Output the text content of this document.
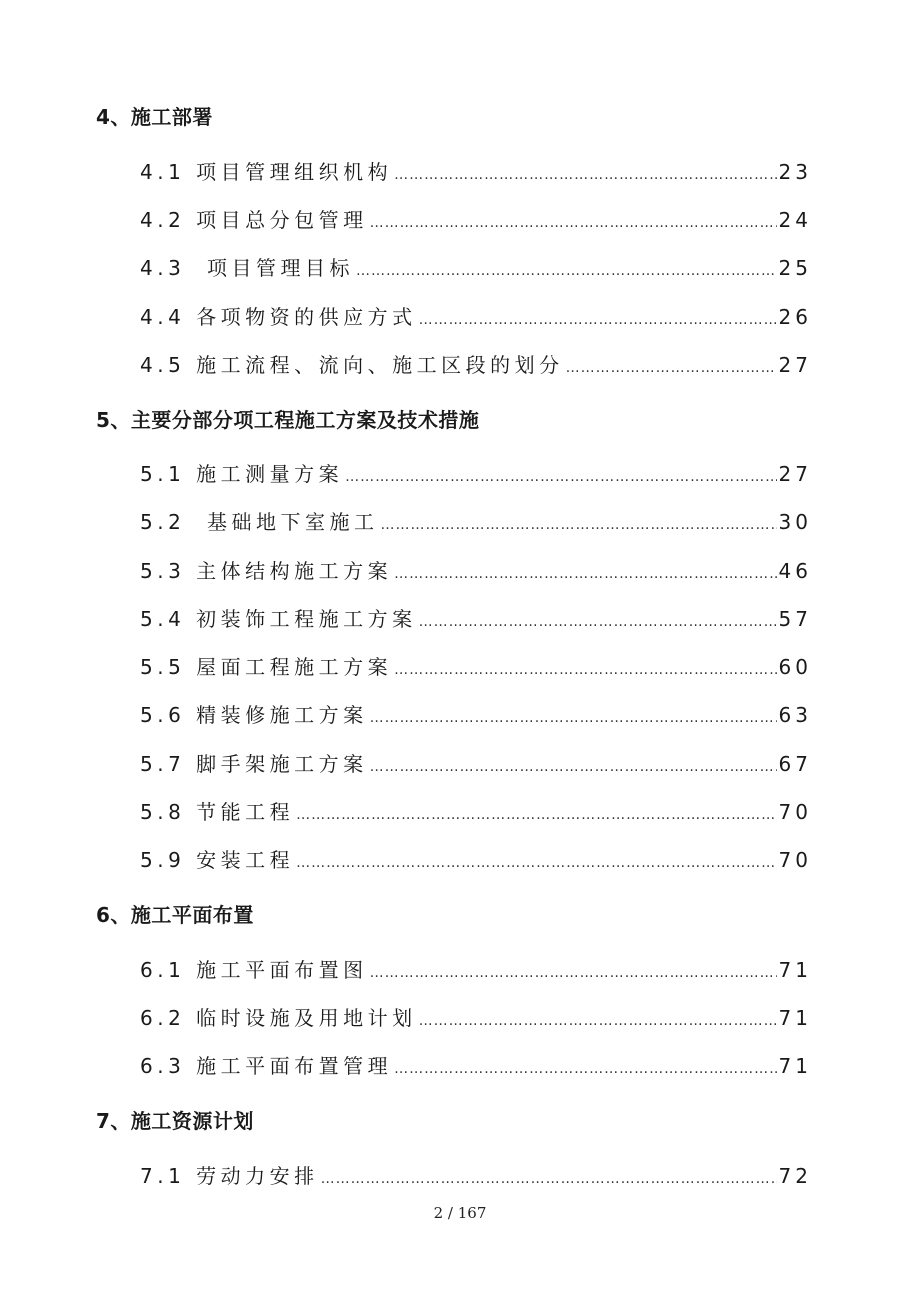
4、施工部署
4.1 项目管理组织机构 ……………………………………………………………………………………………………………………………………………………	23
4.2 项目总分包管理 ……………………………………………………………………………………………………………………………………………………	24
4.3  项目管理目标 ……………………………………………………………………………………………………………………………………………………	25
4.4 各项物资的供应方式 ……………………………………………………………………………………………………………………………………………………	26
4.5 施工流程、流向、施工区段的划分 ……………………………………………………………………………………………………………………………………………………	27
5、主要分部分项工程施工方案及技术措施
5.1 施工测量方案 ……………………………………………………………………………………………………………………………………………………	27
5.2  基础地下室施工 ……………………………………………………………………………………………………………………………………………………	30
5.3 主体结构施工方案 ……………………………………………………………………………………………………………………………………………………	46
5.4 初装饰工程施工方案 ……………………………………………………………………………………………………………………………………………………	57
5.5 屋面工程施工方案 ……………………………………………………………………………………………………………………………………………………	60
5.6 精装修施工方案 ……………………………………………………………………………………………………………………………………………………	63
5.7 脚手架施工方案 ……………………………………………………………………………………………………………………………………………………	67
5.8 节能工程 ……………………………………………………………………………………………………………………………………………………	70
5.9 安装工程 ……………………………………………………………………………………………………………………………………………………	70
6、施工平面布置
6.1 施工平面布置图 ……………………………………………………………………………………………………………………………………………………	71
6.2 临时设施及用地计划 ……………………………………………………………………………………………………………………………………………………	71
6.3 施工平面布置管理 ……………………………………………………………………………………………………………………………………………………	71
7、施工资源计划
7.1 劳动力安排 ……………………………………………………………………………………………………………………………………………………	72
2 / 167
